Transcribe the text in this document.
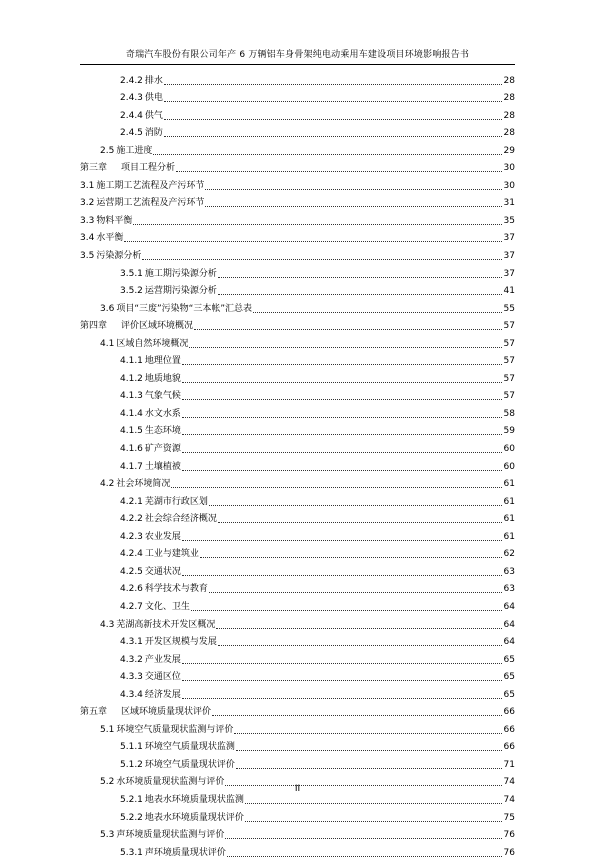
奇瑞汽车股份有限公司年产 6 万辆铝车身骨架纯电动乘用车建设项目环境影响报告书
2.4.2 排水	28
2.4.3 供电	28
2.4.4 供气	28
2.4.5 消防	28
2.5 施工进度	29
第三章 项目工程分析	30
3.1 施工期工艺流程及产污环节	30
3.2 运营期工艺流程及产污环节	31
3.3 物料平衡	35
3.4 水平衡	37
3.5 污染源分析	37
3.5.1 施工期污染源分析	37
3.5.2 运营期污染源分析	41
3.6 项目“三废”污染物“三本帐”汇总表	55
第四章 评价区域环境概况	57
4.1 区域自然环境概况	57
4.1.1 地理位置	57
4.1.2 地质地貌	57
4.1.3 气象气候	57
4.1.4 水文水系	58
4.1.5 生态环境	59
4.1.6 矿产资源	60
4.1.7 土壤植被	60
4.2 社会环境简况	61
4.2.1 芜湖市行政区划	61
4.2.2 社会综合经济概况	61
4.2.3 农业发展	61
4.2.4 工业与建筑业	62
4.2.5 交通状况	63
4.2.6 科学技术与教育	63
4.2.7 文化、卫生	64
4.3 芜湖高新技术开发区概况	64
4.3.1 开发区规模与发展	64
4.3.2 产业发展	65
4.3.3 交通区位	65
4.3.4 经济发展	65
第五章 区域环境质量现状评价	66
5.1 环境空气质量现状监测与评价	66
5.1.1 环境空气质量现状监测	66
5.1.2 环境空气质量现状评价	71
5.2 水环境质量现状监测与评价	74
5.2.1 地表水环境质量现状监测	74
5.2.2 地表水环境质量现状评价	75
5.3 声环境质量现状监测与评价	76
5.3.1 声环境质量现状评价	76
II
